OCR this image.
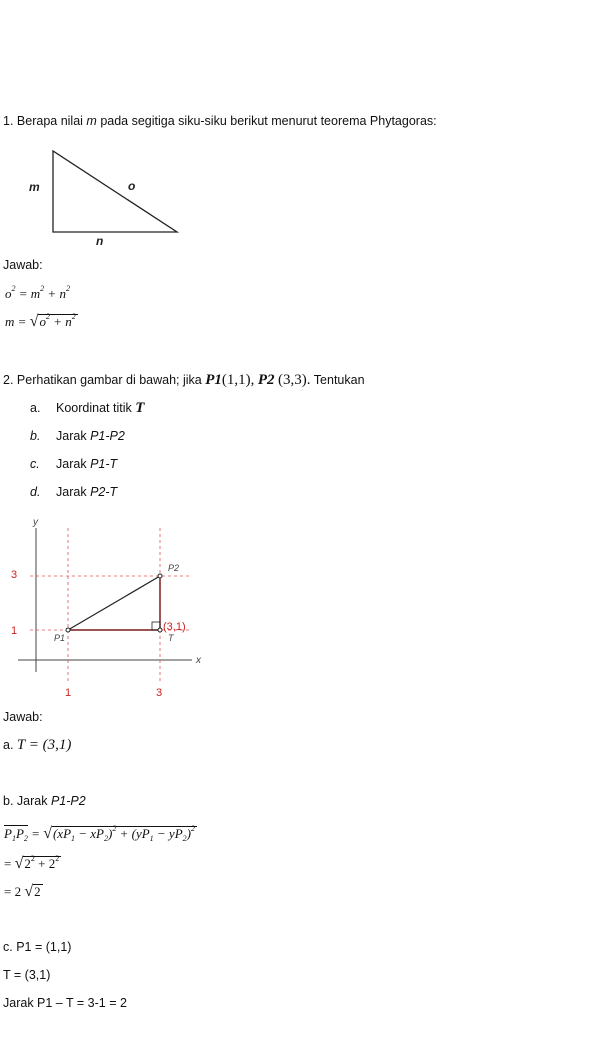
1. Berapa nilai m pada segitiga siku-siku berikut menurut teorema Phytagoras:
m	o
n
Jawab:
$o^2 = m^2 + n^2$
$m = √o^2 + n^2$
2. Perhatikan gambar di bawah; jika P1(1,1), P2 (3,3). Tentukan
a. Koordinat titik T
b. Jarak P1-P2
c. Jarak P1-T
d. Jarak P2-T
y
x
3
1
1	3
P1
P2
T
(3,1)
Jawab:
a. T = (3,1)
b. Jarak P1-P2
$P_1P_2 = √(xP_1 - xP_2)^2 + (yP_1 - yP_2)^2$
= $√2^2 + 2^2$
= 2 √2
c. P1 = (1,1)
T = (3,1)
Jarak P1 – T = 3-1 = 2
